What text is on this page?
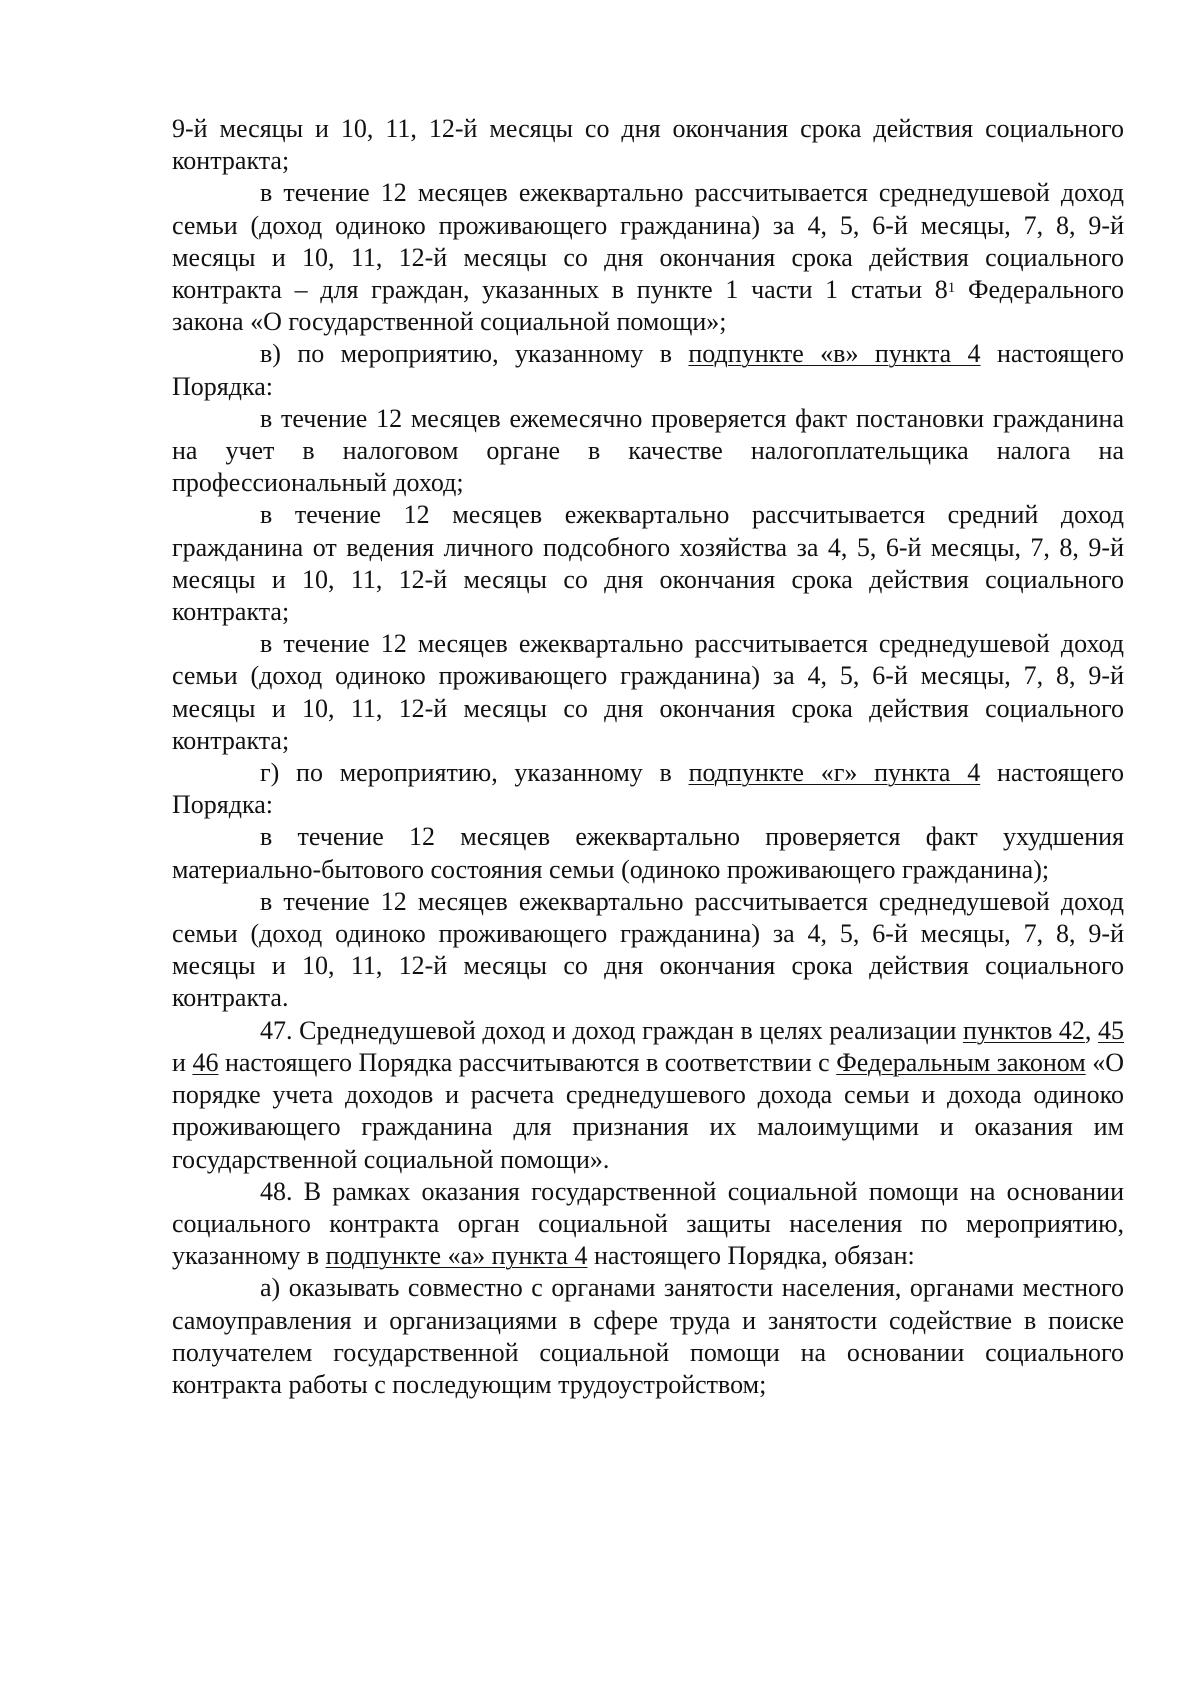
9-й месяцы и 10, 11, 12-й месяцы со дня окончания срока действия социального контракта;

в течение 12 месяцев ежеквартально рассчитывается среднедушевой доход семьи (доход одиноко проживающего гражданина) за 4, 5, 6-й месяцы, 7, 8, 9-й месяцы и 10, 11, 12-й месяцы со дня окончания срока действия социального контракта – для граждан, указанных в пункте 1 части 1 статьи $8^1$ Федерального закона «О государственной социальной помощи»;

в) по мероприятию, указанному в подпункте «в» пункта 4 настоящего Порядка:

в течение 12 месяцев ежемесячно проверяется факт постановки гражданина на учет в налоговом органе в качестве налогоплательщика налога на профессиональный доход;

в течение 12 месяцев ежеквартально рассчитывается средний доход гражданина от ведения личного подсобного хозяйства за 4, 5, 6-й месяцы, 7, 8, 9-й месяцы и 10, 11, 12-й месяцы со дня окончания срока действия социального контракта;

в течение 12 месяцев ежеквартально рассчитывается среднедушевой доход семьи (доход одиноко проживающего гражданина) за 4, 5, 6-й месяцы, 7, 8, 9-й месяцы и 10, 11, 12-й месяцы со дня окончания срока действия социального контракта;

г) по мероприятию, указанному в подпункте «г» пункта 4 настоящего Порядка:

в течение 12 месяцев ежеквартально проверяется факт ухудшения материально-бытового состояния семьи (одиноко проживающего гражданина);

в течение 12 месяцев ежеквартально рассчитывается среднедушевой доход семьи (доход одиноко проживающего гражданина) за 4, 5, 6-й месяцы, 7, 8, 9-й месяцы и 10, 11, 12-й месяцы со дня окончания срока действия социального контракта.

47. Среднедушевой доход и доход граждан в целях реализации пунктов 42, 45 и 46 настоящего Порядка рассчитываются в соответствии с Федеральным законом «О порядке учета доходов и расчета среднедушевого дохода семьи и дохода одиноко проживающего гражданина для признания их малоимущими и оказания им государственной социальной помощи».

48. В рамках оказания государственной социальной помощи на основании социального контракта орган социальной защиты населения по мероприятию, указанному в подпункте «а» пункта 4 настоящего Порядка, обязан:

а) оказывать совместно с органами занятости населения, органами местного самоуправления и организациями в сфере труда и занятости содействие в поиске получателем государственной социальной помощи на основании социального контракта работы с последующим трудоустройством;
